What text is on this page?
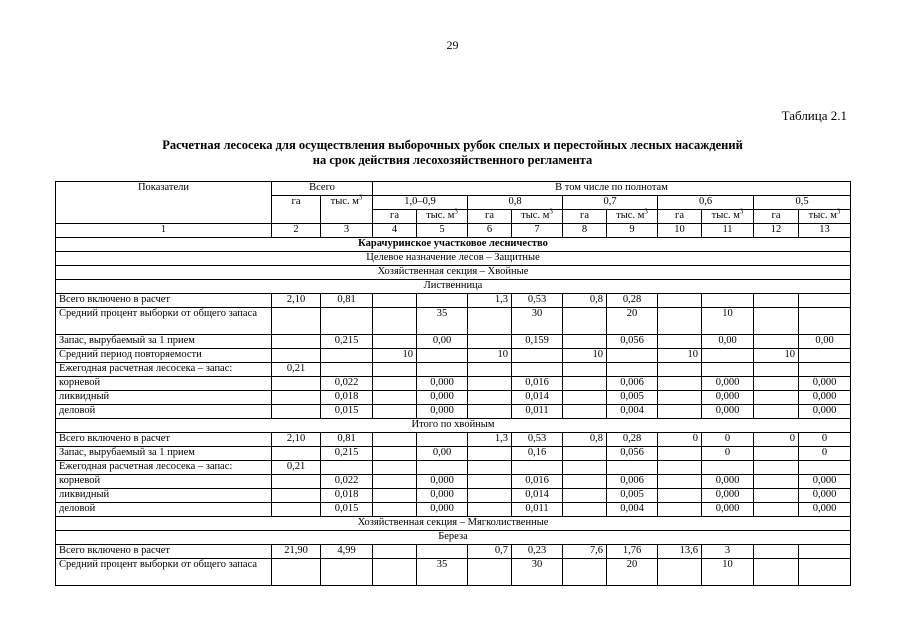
29
Таблица 2.1
Расчетная лесосека для осуществления выборочных рубок спелых и перестойных лесных насаждений
на срок действия лесохозяйственного регламента
Показатели	Всего		В том числе по полнотам									
	га	тыс. $м^3$	1,0–0,9		0,8		0,7		0,6		0,5	
			га	тыс. $м^3$	га	тыс. $м^3$	га	тыс. $м^3$	га	тыс. $м^3$	га	тыс. $м^3$
1	2	3	4	5	6	7	8	9	10	11	12	13
Карачуринское участковое лесничество												
Целевое назначение лесов – Защитные												
Хозяйственная секция – Хвойные												
Лиственница												
Всего включено в расчет	2,10	0,81			1,3	0,53	0,8	0,28				
Средний процент выборки от общего запаса				35		30		20		10		
Запас, вырубаемый за 1 прием		0,215		0,00		0,159		0,056		0,00		0,00
Средний период повторяемости			10		10		10		10		10	
Ежегодная расчетная лесосека – запас:	0,21											
корневой		0,022		0,000		0,016		0,006		0,000		0,000
ликвидный		0,018		0,000		0,014		0,005		0,000		0,000
деловой		0,015		0,000		0,011		0,004		0,000		0,000
Итого по хвойным												
Всего включено в расчет	2,10	0,81			1,3	0,53	0,8	0,28	0	0	0	0
Запас, вырубаемый за 1 прием		0,215		0,00		0,16		0,056		0		0
Ежегодная расчетная лесосека – запас:	0,21											
корневой		0,022		0,000		0,016		0,006		0,000		0,000
ликвидный		0,018		0,000		0,014		0,005		0,000		0,000
деловой		0,015		0,000		0,011		0,004		0,000		0,000
Хозяйственная секция – Мягколиственные												
Береза												
Всего включено в расчет	21,90	4,99			0,7	0,23	7,6	1,76	13,6	3		
Средний процент выборки от общего запаса				35		30		20		10		
